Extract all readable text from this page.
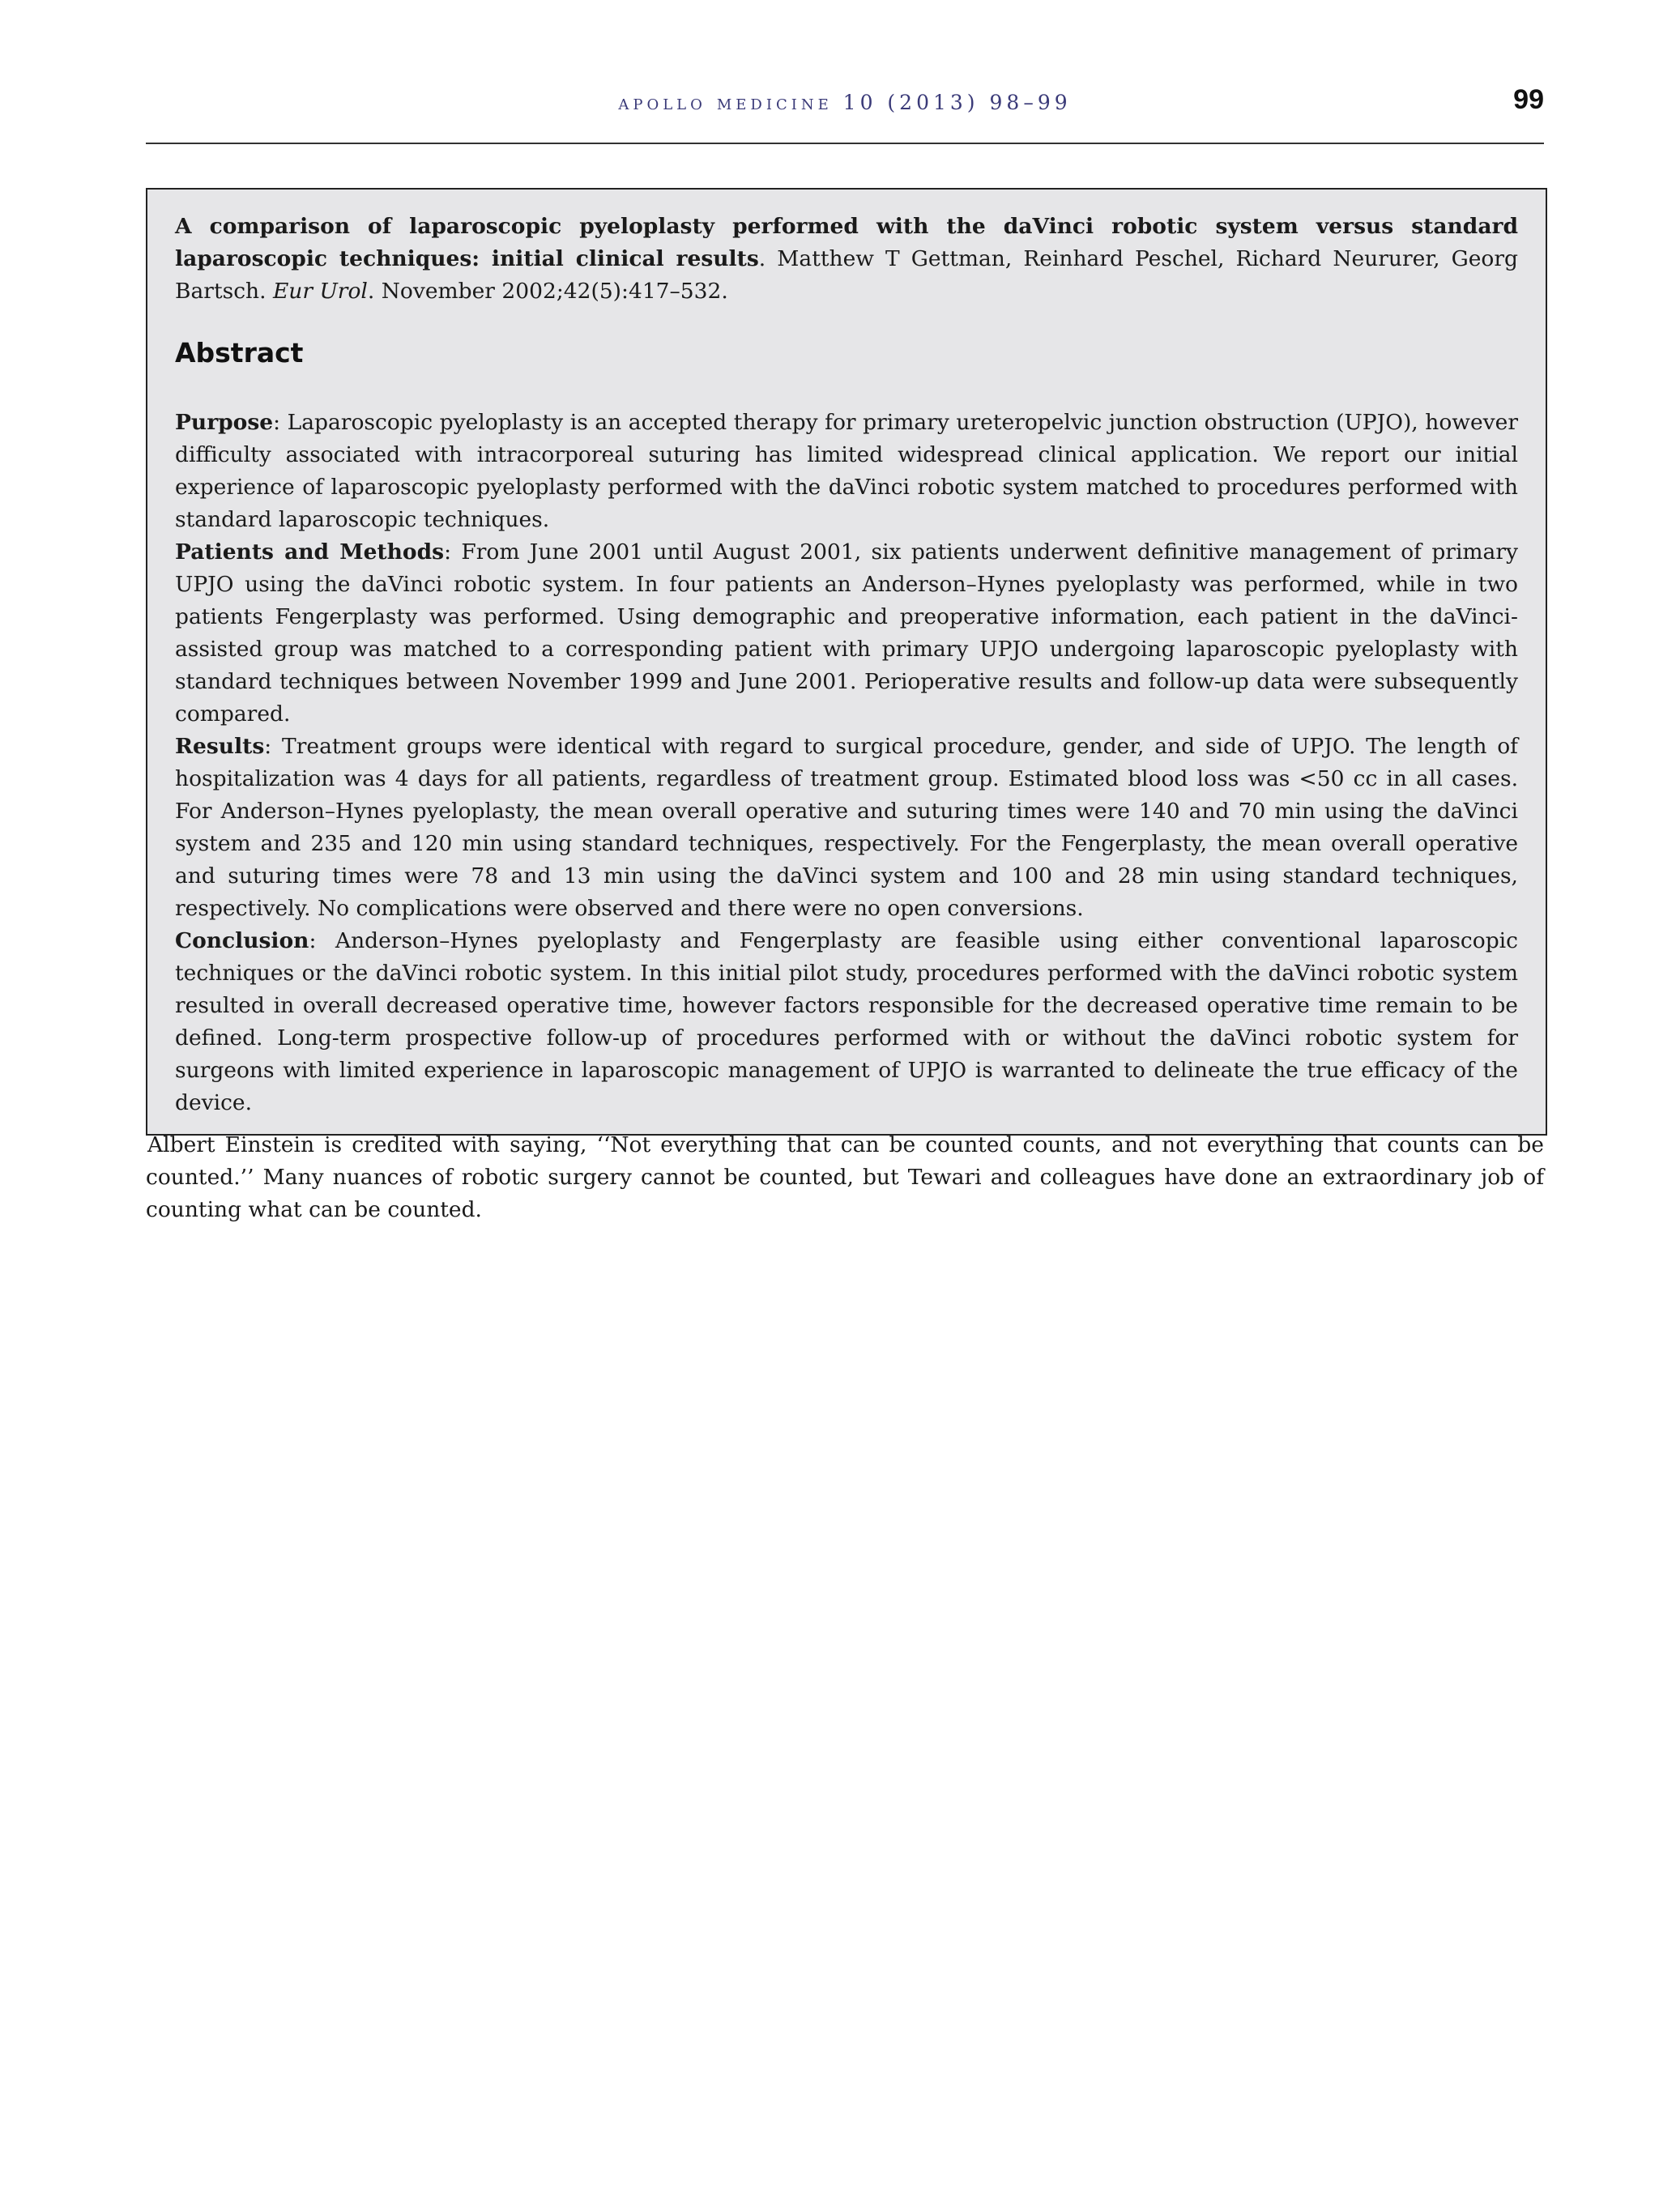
apollo medicine 10 (2013) 98–99	99

A comparison of laparoscopic pyeloplasty performed with the daVinci robotic system versus standard laparoscopic techniques: initial clinical results. Matthew T Gettman, Reinhard Peschel, Richard Neururer, Georg Bartsch. Eur Urol. November 2002;42(5):417–532.

Abstract

Purpose: Laparoscopic pyeloplasty is an accepted therapy for primary ureteropelvic junction obstruction (UPJO), however difficulty associated with intracorporeal suturing has limited widespread clinical application. We report our initial experience of laparoscopic pyeloplasty performed with the daVinci robotic system matched to procedures performed with standard laparoscopic techniques.

Patients and Methods: From June 2001 until August 2001, six patients underwent definitive management of primary UPJO using the daVinci robotic system. In four patients an Anderson–Hynes pyeloplasty was performed, while in two patients Fengerplasty was performed. Using demographic and preoperative information, each patient in the daVinci-assisted group was matched to a corresponding patient with primary UPJO undergoing laparoscopic pyeloplasty with standard techniques between November 1999 and June 2001. Perioperative results and follow-up data were subsequently compared.

Results: Treatment groups were identical with regard to surgical procedure, gender, and side of UPJO. The length of hospitalization was 4 days for all patients, regardless of treatment group. Estimated blood loss was <50 cc in all cases. For Anderson–Hynes pyeloplasty, the mean overall operative and suturing times were 140 and 70 min using the daVinci system and 235 and 120 min using standard techniques, respectively. For the Fengerplasty, the mean overall operative and suturing times were 78 and 13 min using the daVinci system and 100 and 28 min using standard techniques, respectively. No complications were observed and there were no open conversions.

Conclusion: Anderson–Hynes pyeloplasty and Fengerplasty are feasible using either conventional laparoscopic techniques or the daVinci robotic system. In this initial pilot study, procedures performed with the daVinci robotic system resulted in overall decreased operative time, however factors responsible for the decreased operative time remain to be defined. Long-term prospective follow-up of procedures performed with or without the daVinci robotic system for surgeons with limited experience in laparoscopic management of UPJO is warranted to delineate the true efficacy of the device.

Albert Einstein is credited with saying, ‘‘Not everything that can be counted counts, and not everything that counts can be counted.’’ Many nuances of robotic surgery cannot be counted, but Tewari and colleagues have done an extraordinary job of counting what can be counted.
